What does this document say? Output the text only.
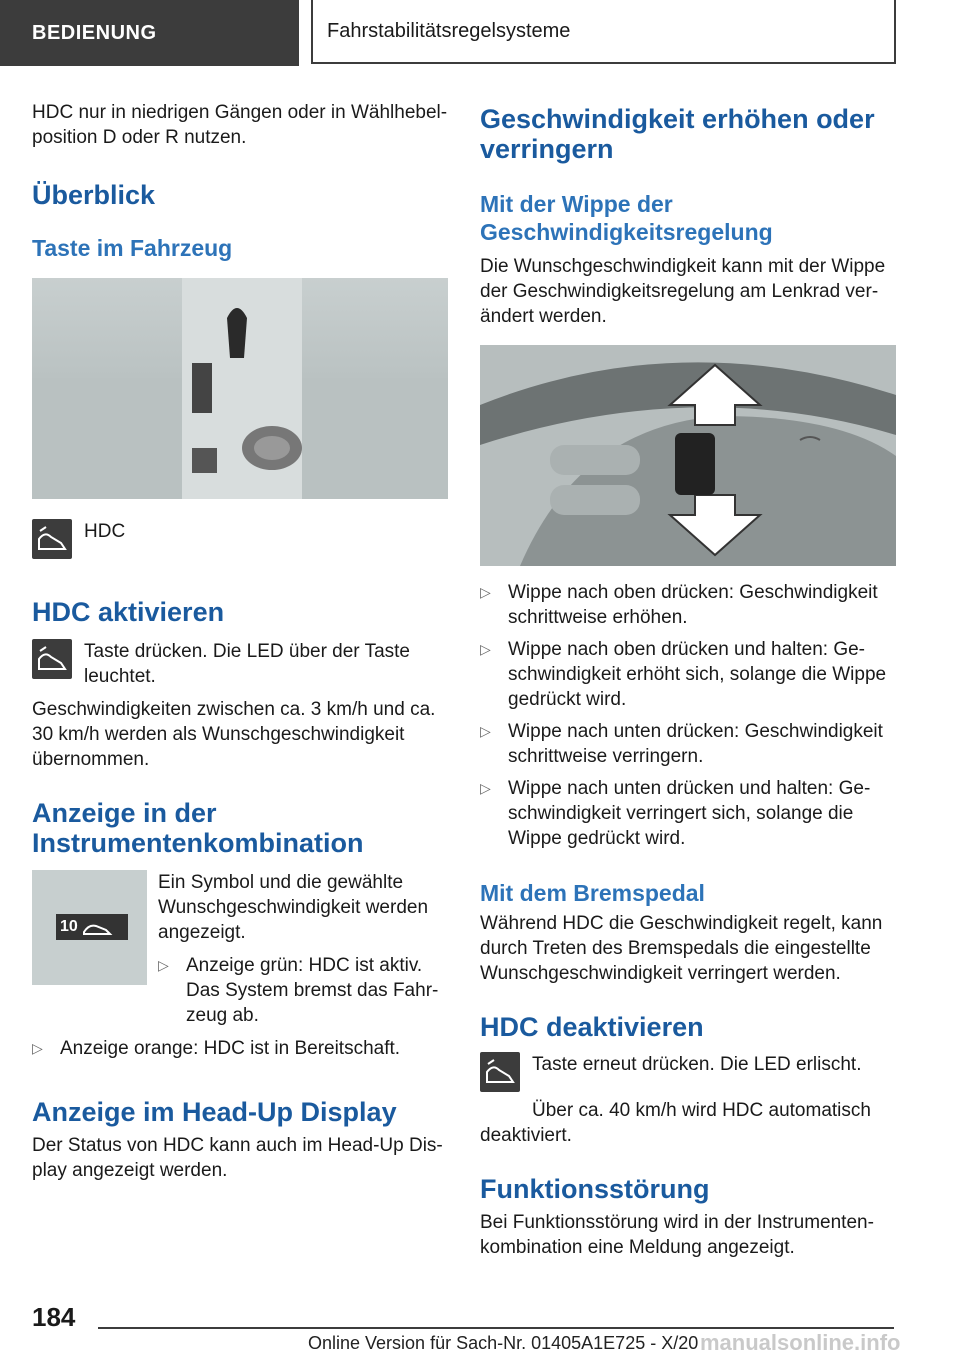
BEDIENUNG	Fahrstabilitätsregelsysteme

HDC nur in niedrigen Gängen oder in Wählhebel-position D oder R nutzen.

Überblick
Taste im Fahrzeug

HDC

HDC aktivieren

Taste drücken. Die LED über der Taste leuchtet.

Geschwindigkeiten zwischen ca. 3 km/h und ca. 30 km/h werden als Wunschgeschwindigkeit übernommen.

Anzeige in der Instrumentenkombination
10

Ein Symbol und die gewählte Wunschgeschwindigkeit werden angezeigt.

▷ Anzeige grün: HDC ist aktiv. Das System bremst das Fahr-zeug ab.
▷ Anzeige orange: HDC ist in Bereitschaft.
Anzeige im Head-Up Display

Der Status von HDC kann auch im Head-Up Dis-play angezeigt werden.

Geschwindigkeit erhöhen oder verringern
Mit der Wippe der Geschwindigkeitsregelung

Die Wunschgeschwindigkeit kann mit der Wippe der Geschwindigkeitsregelung am Lenkrad ver-ändert werden.

▷ Wippe nach oben drücken: Geschwindigkeit schrittweise erhöhen.
▷ Wippe nach oben drücken und halten: Ge-schwindigkeit erhöht sich, solange die Wippe gedrückt wird.
▷ Wippe nach unten drücken: Geschwindigkeit schrittweise verringern.
▷ Wippe nach unten drücken und halten: Ge-schwindigkeit verringert sich, solange die Wippe gedrückt wird.
Mit dem Bremspedal

Während HDC die Geschwindigkeit regelt, kann durch Treten des Bremspedals die eingestellte Wunschgeschwindigkeit verringert werden.

HDC deaktivieren

Taste erneut drücken. Die LED erlischt.

Über ca. 40 km/h wird HDC automatisch deaktiviert.

Funktionsstörung

Bei Funktionsstörung wird in der Instrumenten-kombination eine Meldung angezeigt.

184
Online Version für Sach-Nr. 01405A1E725 - X/20 manualsonline.info
